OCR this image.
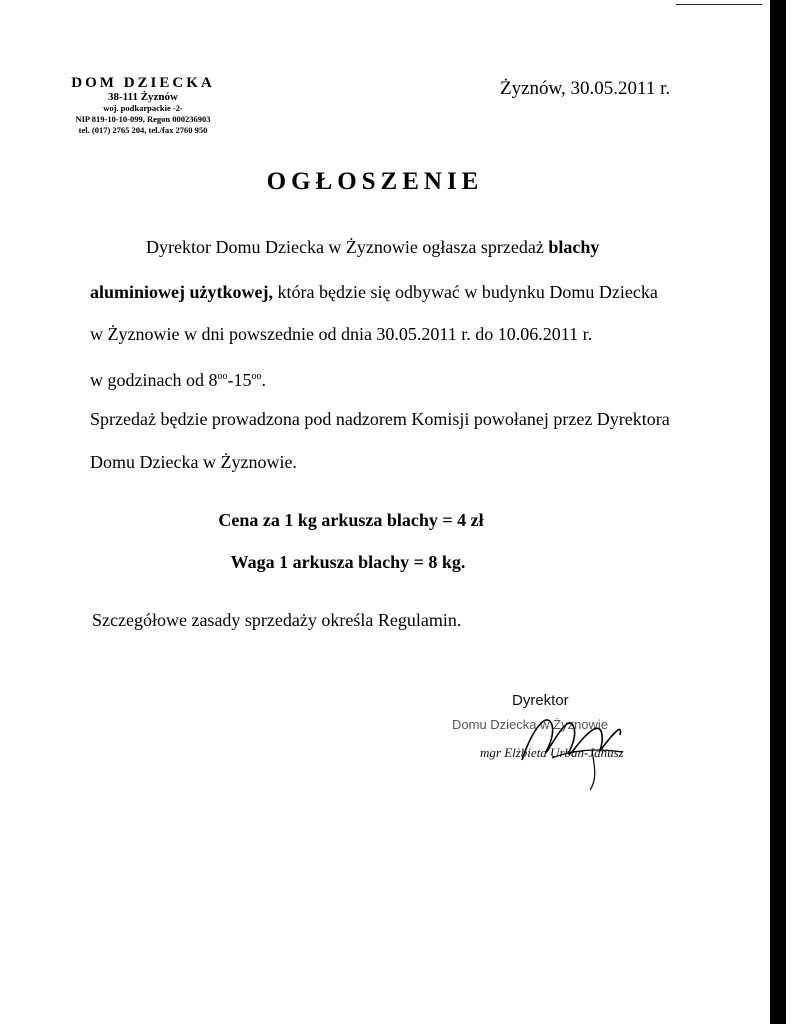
DOM DZIECKA
38-111 Żyznów
woj. podkarpackie -2-
NIP 819-10-10-099, Regon 000236903
tel. (017) 2765 204, tel./fax 2760 950
Żyznów, 30.05.2011 r.
OGŁOSZENIE
Dyrektor Domu Dziecka w Żyznowie ogłasza sprzedaż blachy
aluminiowej użytkowej, która będzie się odbywać w budynku Domu Dziecka
w Żyznowie w dni powszednie od dnia 30.05.2011 r. do 10.06.2011 r.
w godzinach od $8^{oo}-15^{oo}$.
Sprzedaż będzie prowadzona pod nadzorem Komisji powołanej przez Dyrektora
Domu Dziecka w Żyznowie.
Cena za 1 kg arkusza blachy = 4 zł
Waga 1 arkusza blachy = 8 kg.
Szczegółowe zasady sprzedaży określa Regulamin.
Dyrektor
Domu Dziecka w Żyznowie
mgr Elżbieta Urban-Janusz
